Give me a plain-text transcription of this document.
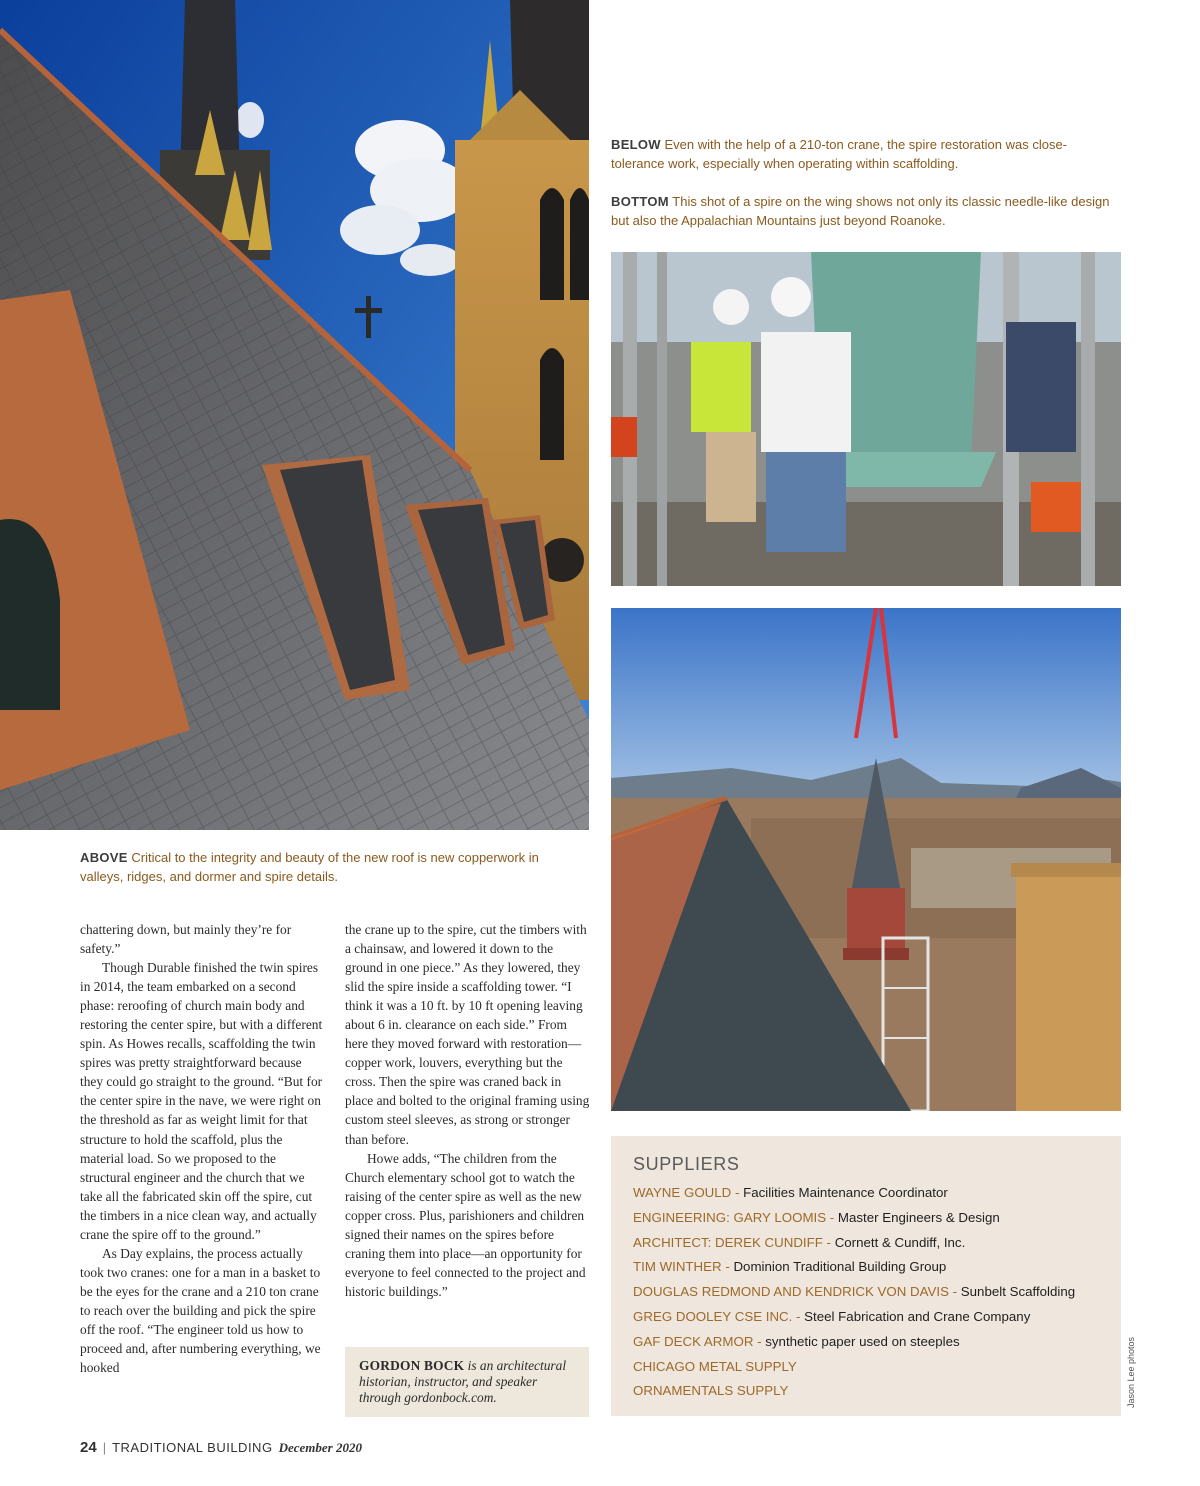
ABOVE Critical to the integrity and beauty of the new roof is new copperwork in valleys, ridges, and dormer and spire details.
BELOW Even with the help of a 210-ton crane, the spire restoration was close-tolerance work, especially when operating within scaffolding.
BOTTOM This shot of a spire on the wing shows not only its classic needle-like design but also the Appalachian Mountains just beyond Roanoke.

chattering down, but mainly they’re for safety.”

Though Durable finished the twin spires in 2014, the team embarked on a second phase: reroofing of church main body and restoring the center spire, but with a different spin. As Howes recalls, scaffolding the twin spires was pretty straightforward because they could go straight to the ground. “But for the center spire in the nave, we were right on the threshold as far as weight limit for that structure to hold the scaffold, plus the material load. So we proposed to the structural engineer and the church that we take all the fabricated skin off the spire, cut the timbers in a nice clean way, and actually crane the spire off to the ground.”

As Day explains, the process actually took two cranes: one for a man in a basket to be the eyes for the crane and a 210 ton crane to reach over the building and pick the spire off the roof. “The engineer told us how to proceed and, after numbering everything, we hooked

the crane up to the spire, cut the timbers with a chainsaw, and lowered it down to the ground in one piece.” As they lowered, they slid the spire inside a scaffolding tower. “I think it was a 10 ft. by 10 ft opening leaving about 6 in. clearance on each side.” From here they moved forward with restoration— copper work, louvers, everything but the cross. Then the spire was craned back in place and bolted to the original framing using custom steel sleeves, as strong or stronger than before.

Howe adds, “The children from the Church elementary school got to watch the raising of the center spire as well as the new copper cross. Plus, parishioners and children signed their names on the spires before craning them into place—an opportunity for everyone to feel connected to the project and historic buildings.”

GORDON BOCK is an architectural historian, instructor, and speaker through gordonbock.com.
SUPPLIERS
WAYNE GOULD - Facilities Maintenance Coordinator
ENGINEERING: GARY LOOMIS - Master Engineers & Design
ARCHITECT: DEREK CUNDIFF - Cornett & Cundiff, Inc.
TIM WINTHER - Dominion Traditional Building Group
DOUGLAS REDMOND AND KENDRICK VON DAVIS - Sunbelt Scaffolding
GREG DOOLEY CSE INC. - Steel Fabrication and Crane Company
GAF DECK ARMOR - synthetic paper used on steeples
CHICAGO METAL SUPPLY
ORNAMENTALS SUPPLY	Jason Lee photos
24 | TRADITIONAL BUILDING December 2020
